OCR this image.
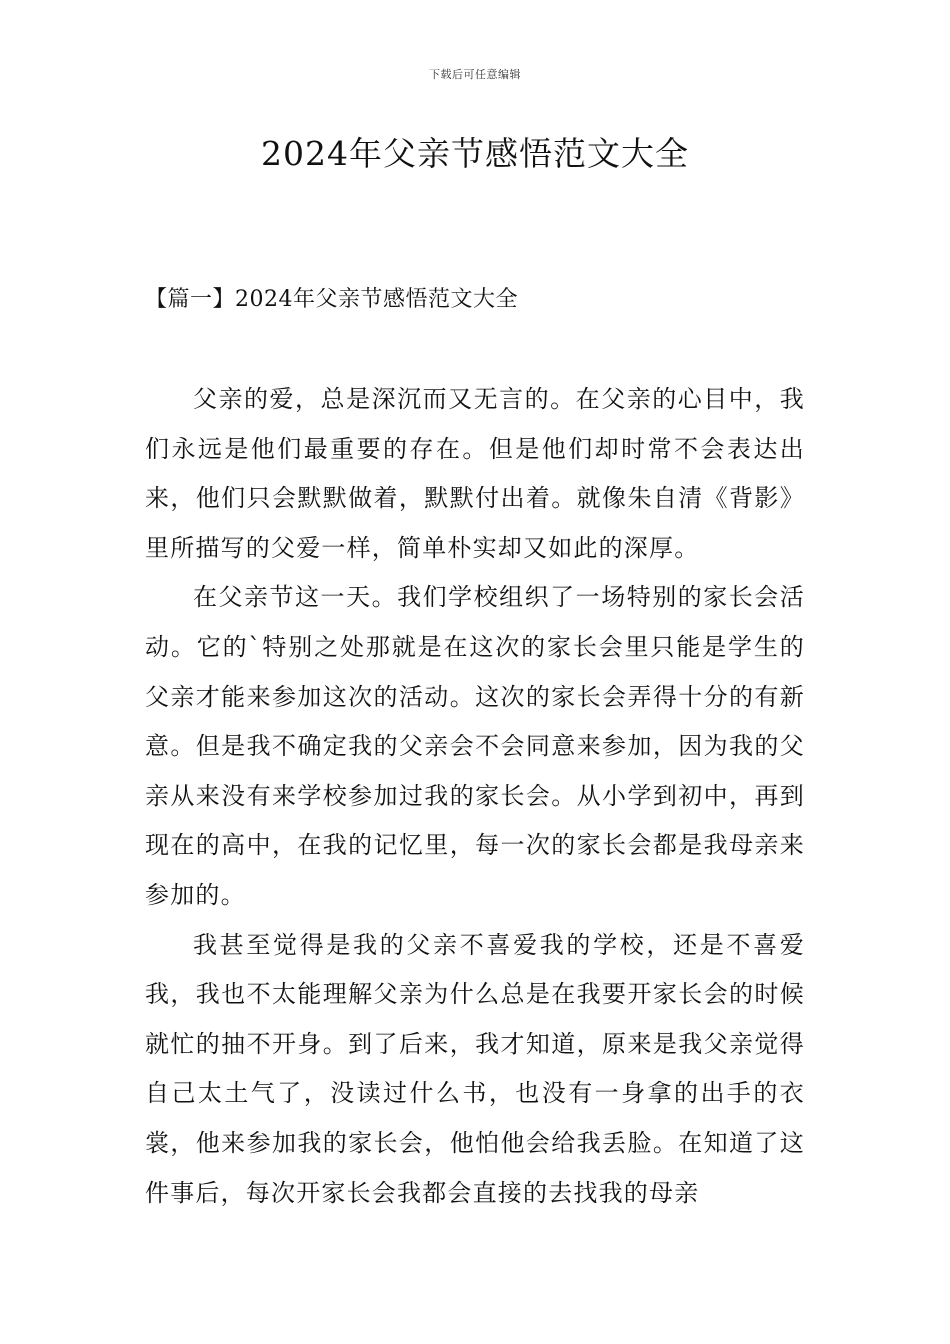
下载后可任意编辑
2024年父亲节感悟范文大全
【篇一】2024年父亲节感悟范文大全

父亲的爱，总是深沉而又无言的。在父亲的心目中，我们永远是他们最重要的存在。但是他们却时常不会表达出来，他们只会默默做着，默默付出着。就像朱自清《背影》里所描写的父爱一样，简单朴实却又如此的深厚。

在父亲节这一天。我们学校组织了一场特别的家长会活动。它的`特别之处那就是在这次的家长会里只能是学生的父亲才能来参加这次的活动。这次的家长会弄得十分的有新意。但是我不确定我的父亲会不会同意来参加，因为我的父亲从来没有来学校参加过我的家长会。从小学到初中，再到现在的高中，在我的记忆里，每一次的家长会都是我母亲来参加的。

我甚至觉得是我的父亲不喜爱我的学校，还是不喜爱我，我也不太能理解父亲为什么总是在我要开家长会的时候就忙的抽不开身。到了后来，我才知道，原来是我父亲觉得自己太土气了，没读过什么书，也没有一身拿的出手的衣裳，他来参加我的家长会，他怕他会给我丢脸。在知道了这件事后，每次开家长会我都会直接的去找我的母亲
